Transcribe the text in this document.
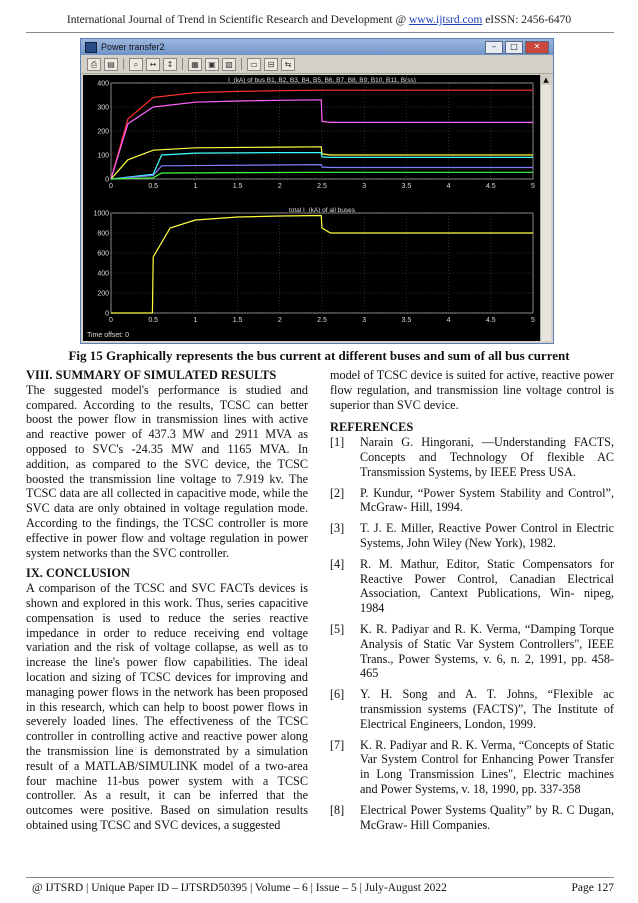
International Journal of Trend in Scientific Research and Development @ www.ijtsrd.com eISSN: 2456-6470
Power transfer2	–	□	✕
⎙	▤	⌕	↔	↕	▦	▣	▧	▭	⊟	⇆
I_(kA) of bus B1, B2, B3, B4, B5, B6, B7, B8, B9, B10, B11, B(ss)
0	0.5	1	1.5	2	2.5	3	3.5	4	4.5	5
0
100
200
300
400
total I_(kA) of all buses
0	0.5	1	1.5	2	2.5	3	3.5	4	4.5	5
0
200
400
600
800
1000
Time offset: 0
▲
Fig 15 Graphically represents the bus current at different buses and sum of all bus current
VIII. SUMMARY OF SIMULATED RESULTS

The suggested model's performance is studied and compared. According to the results, TCSC can better boost the power flow in transmission lines with active and reactive power of 437.3 MW and 2911 MVA as opposed to SVC's -24.35 MW and 1165 MVA. In addition, as compared to the SVC device, the TCSC boosted the transmission line voltage to 7.919 kv. The TCSC data are all collected in capacitive mode, while the SVC data are only obtained in voltage regulation mode. According to the findings, the TCSC controller is more effective in power flow and voltage regulation in power system networks than the SVC controller.

IX. CONCLUSION

A comparison of the TCSC and SVC FACTs devices is shown and explored in this work. Thus, series capacitive compensation is used to reduce the series reactive impedance in order to reduce receiving end voltage variation and the risk of voltage collapse, as well as to increase the line's power flow capabilities. The ideal location and sizing of TCSC devices for improving and managing power flows in the network has been proposed in this research, which can help to boost power flows in severely loaded lines. The effectiveness of the TCSC controller in controlling active and reactive power along the transmission line is demonstrated by a simulation result of a MATLAB/SIMULINK model of a two-area four machine 11-bus power system with a TCSC controller. As a result, it can be inferred that the outcomes were positive. Based on simulation results obtained using TCSC and SVC devices, a suggested

model of TCSC device is suited for active, reactive power flow regulation, and transmission line voltage control is superior than SVC device.

REFERENCES
[1]	Narain G. Hingorani, ―Understanding FACTS, Concepts and Technology Of flexible AC Transmission Systems, by IEEE Press USA.
[2]	P. Kundur, “Power System Stability and Control”, McGraw- Hill, 1994.
[3]	T. J. E. Miller, Reactive Power Control in Electric Systems, John Wiley (New York), 1982.
[4]	R. M. Mathur, Editor, Static Compensators for Reactive Power Control, Canadian Electrical Association, Cantext Publications, Win- nipeg, 1984
[5]	K. R. Padiyar and R. K. Verma, “Damping Torque Analysis of Static Var System Controllers", IEEE Trans., Power Systems, v. 6, n. 2, 1991, pp. 458-465
[6]	Y. H. Song and A. T. Johns, “Flexible ac transmission systems (FACTS)”, The Institute of Electrical Engineers, London, 1999.
[7]	K. R. Padiyar and R. K. Verma, “Concepts of Static Var System Control for Enhancing Power Transfer in Long Transmission Lines", Electric machines and Power Systems, v. 18, 1990, pp. 337-358
[8]	Electrical Power Systems Quality” by R. C Dugan, McGraw- Hill Companies.
@ IJTSRD | Unique Paper ID – IJTSRD50395 | Volume – 6 | Issue – 5 | July-August 2022	Page 127
